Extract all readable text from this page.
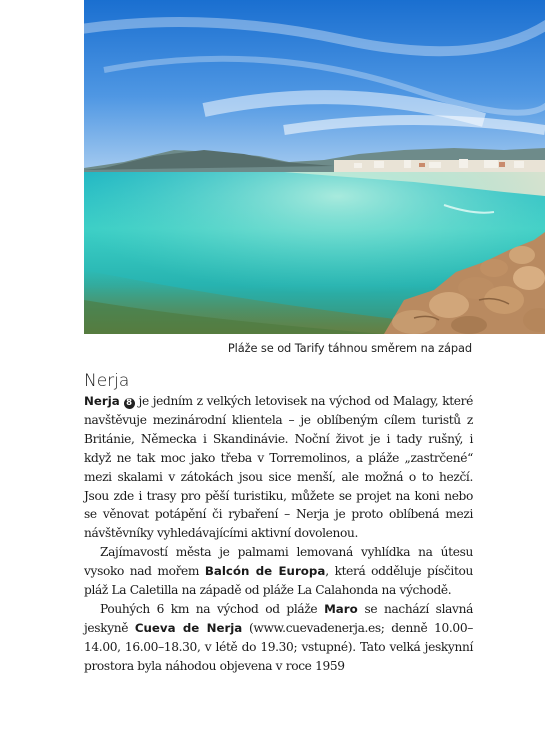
Pláže se od Tarify táhnou směrem na západ
Nerja

Nerja 8 je jedním z velkých letovisek na východ od Malagy, které navštěvuje mezinárodní klientela – je oblíbeným cílem turistů z Británie, Německa i Skandinávie. Noční život je i tady rušný, i když ne tak moc jako třeba v Torremolinos, a pláže „zastrčené“ mezi skalami v zátokách jsou sice menší, ale možná o to hezčí. Jsou zde i trasy pro pěší turistiku, můžete se projet na koni nebo se věnovat potápění či rybaření – Nerja je proto oblíbená mezi návštěvníky vyhledávajícími aktivní dovolenou.

Zajímavostí města je palmami lemovaná vyhlídka na útesu vysoko nad mořem Balcón de Europa, která odděluje písčitou pláž La Caletilla na západě od pláže La Calahonda na východě.

Pouhých 6 km na východ od pláže Maro se nachází slavná jeskyně Cueva de Nerja (www.cuevadenerja.es; denně 10.00–14.00, 16.00–18.30, v létě do 19.30; vstupné). Tato velká jeskynní prostora byla náhodou objevena v roce 1959
